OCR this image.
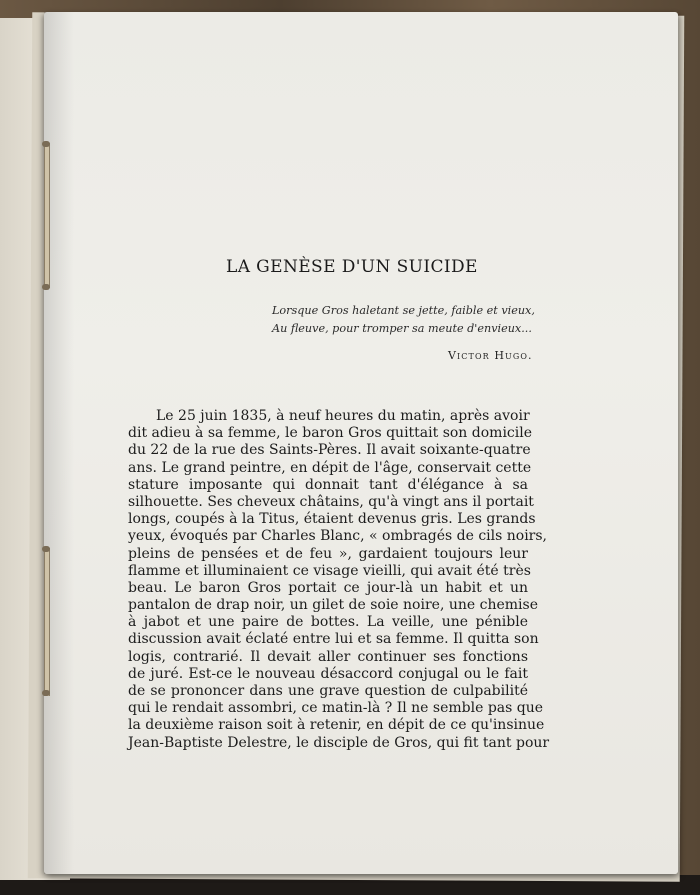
LA GENÈSE D'UN SUICIDE
Lorsque Gros haletant se jette, faible et vieux,
Au fleuve, pour tromper sa meute d'envieux...
Victor Hugo.
Le 25 juin 1835, à neuf heures du matin, après avoir
dit adieu à sa femme, le baron Gros quittait son domicile
du 22 de la rue des Saints-Pères. Il avait soixante-quatre
ans. Le grand peintre, en dépit de l'âge, conservait cette
stature imposante qui donnait tant d'élégance à sa
silhouette. Ses cheveux châtains, qu'à vingt ans il portait
longs, coupés à la Titus, étaient devenus gris. Les grands
yeux, évoqués par Charles Blanc, « ombragés de cils noirs,
pleins de pensées et de feu », gardaient toujours leur
flamme et illuminaient ce visage vieilli, qui avait été très
beau. Le baron Gros portait ce jour-là un habit et un
pantalon de drap noir, un gilet de soie noire, une chemise
à jabot et une paire de bottes. La veille, une pénible
discussion avait éclaté entre lui et sa femme. Il quitta son
logis, contrarié. Il devait aller continuer ses fonctions
de juré. Est-ce le nouveau désaccord conjugal ou le fait
de se prononcer dans une grave question de culpabilité
qui le rendait assombri, ce matin-là ? Il ne semble pas que
la deuxième raison soit à retenir, en dépit de ce qu'insinue
Jean-Baptiste Delestre, le disciple de Gros, qui fit tant pour
